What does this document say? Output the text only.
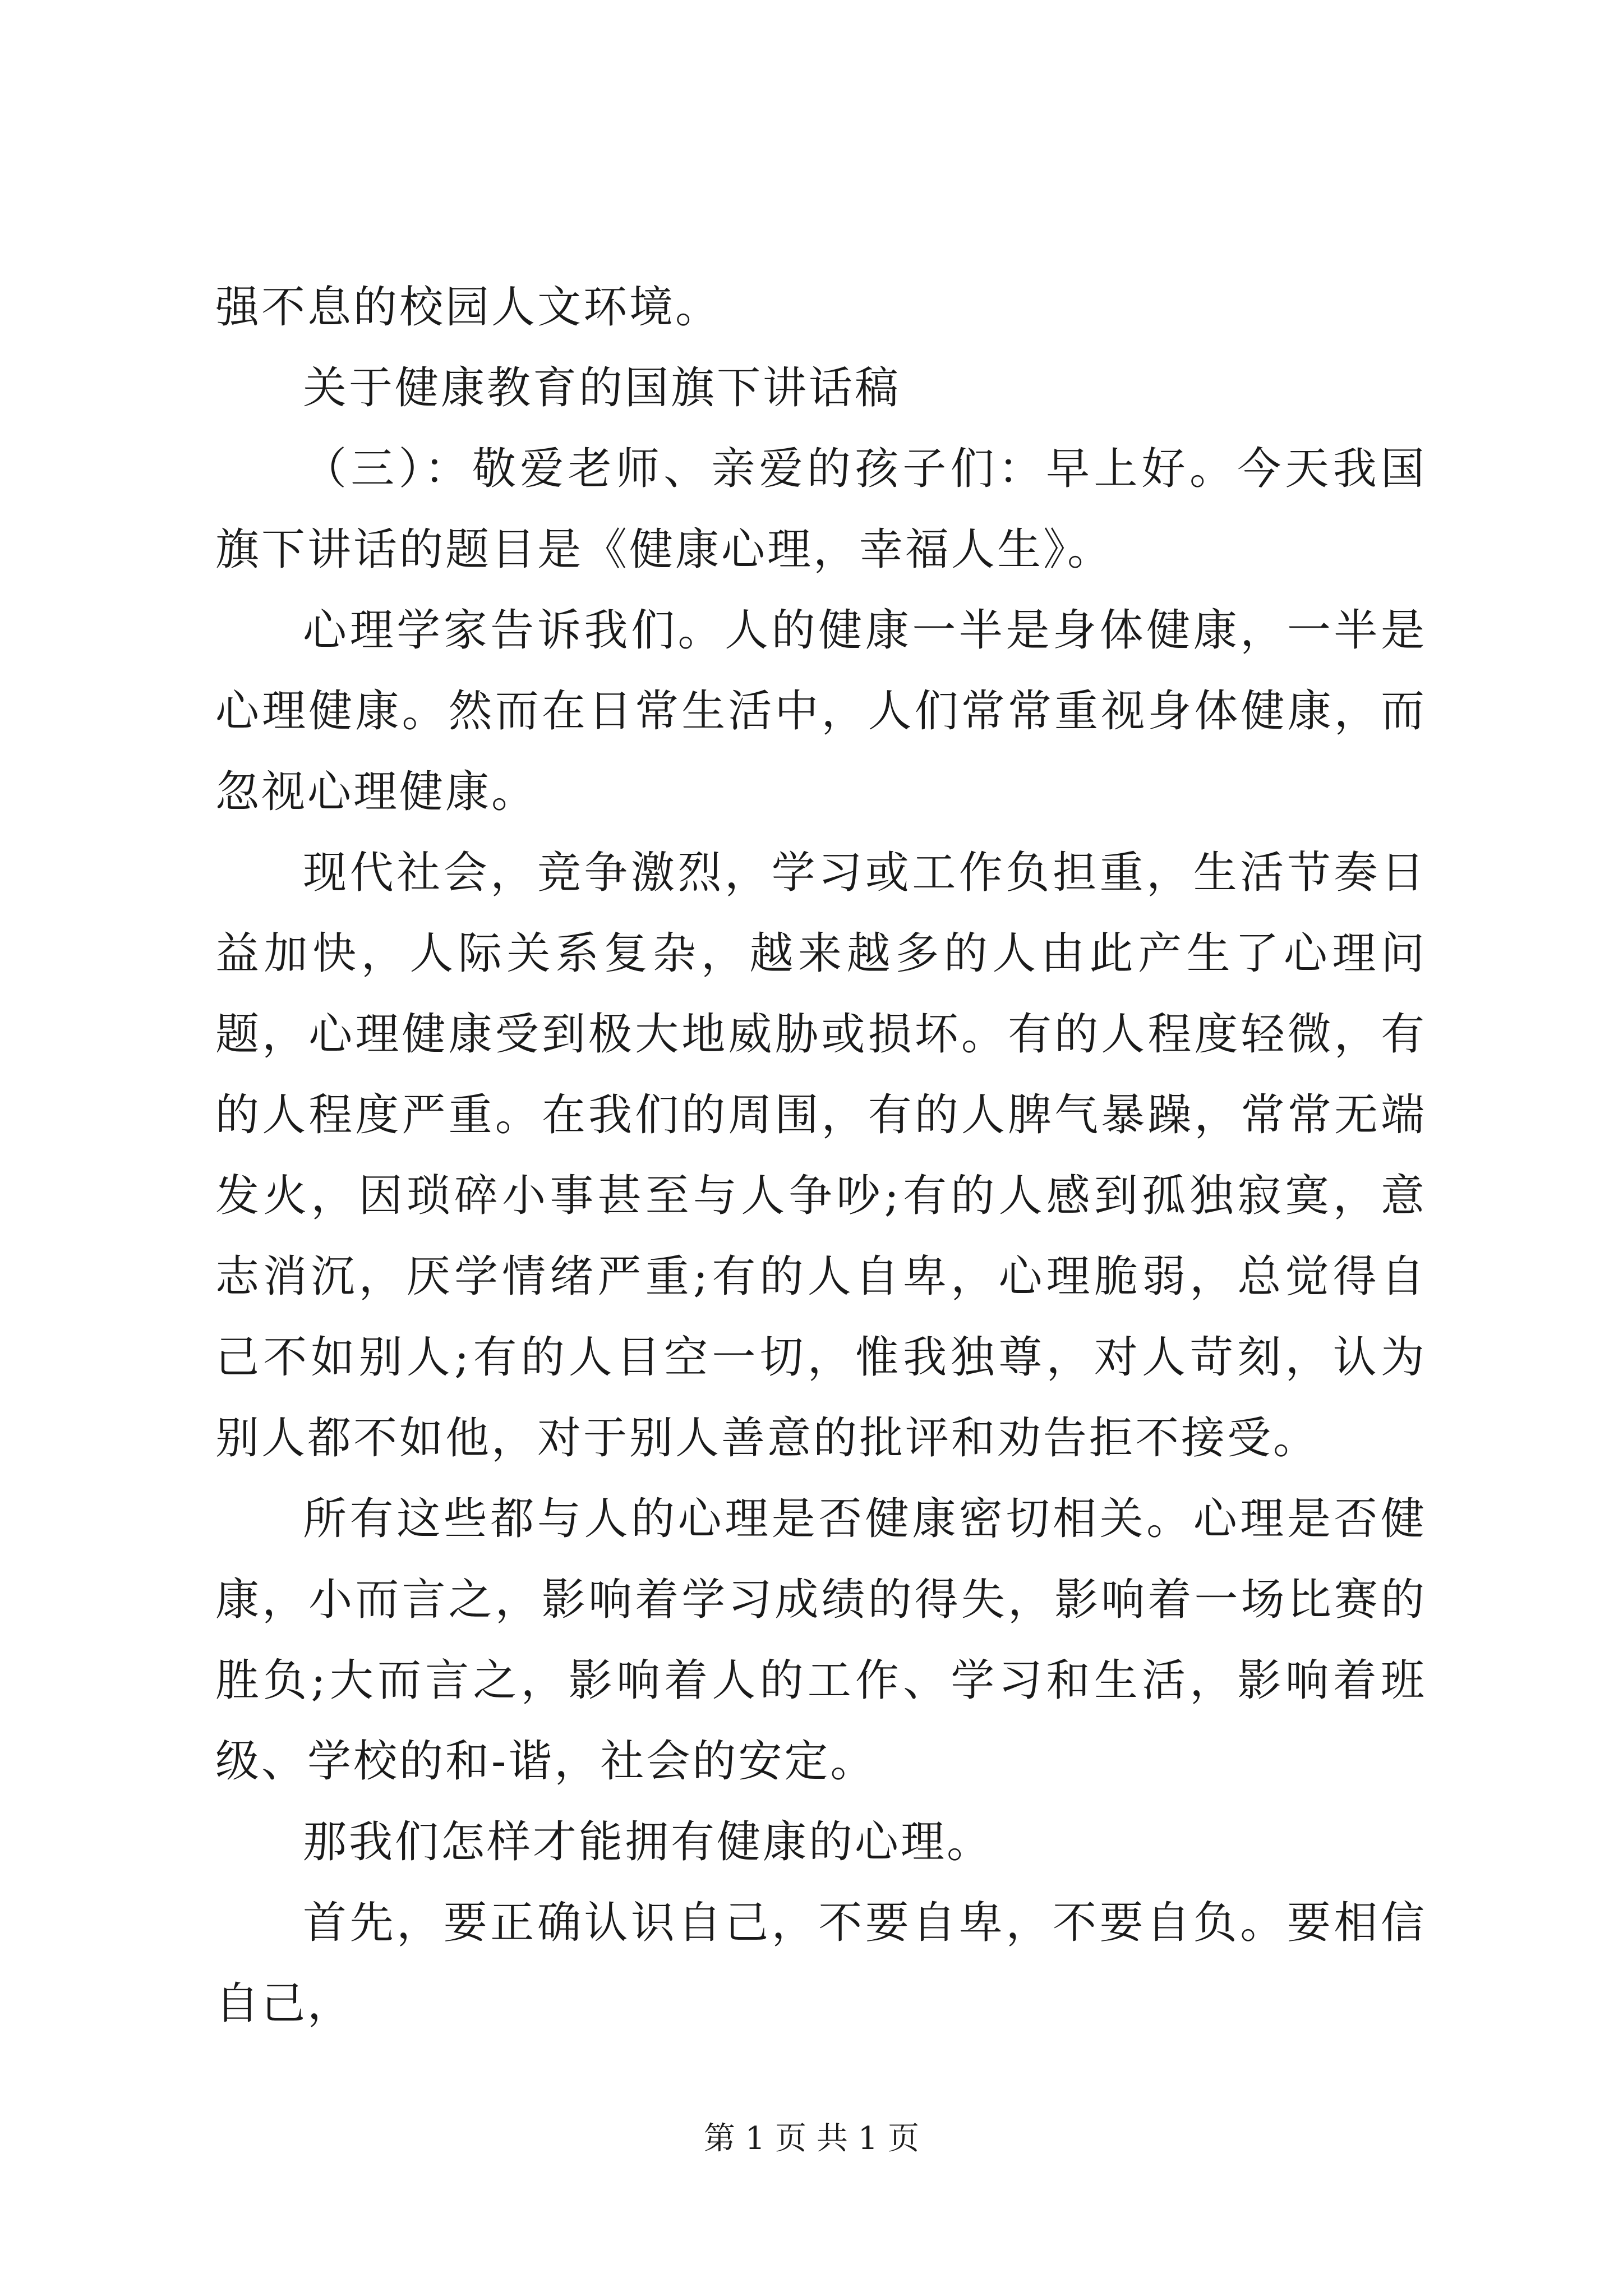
强不息的校园人文环境。

关于健康教育的国旗下讲话稿

（三）：敬爱老师、亲爱的孩子们：早上好。今天我国旗下讲话的题目是《健康心理，幸福人生》。

心理学家告诉我们。人的健康一半是身体健康，一半是心理健康。然而在日常生活中，人们常常重视身体健康，而忽视心理健康。

现代社会，竞争激烈，学习或工作负担重，生活节奏日益加快，人际关系复杂，越来越多的人由此产生了心理问题，心理健康受到极大地威胁或损坏。有的人程度轻微，有的人程度严重。在我们的周围，有的人脾气暴躁，常常无端发火，因琐碎小事甚至与人争吵;有的人感到孤独寂寞，意志消沉，厌学情绪严重;有的人自卑，心理脆弱，总觉得自己不如别人;有的人目空一切，惟我独尊，对人苛刻，认为别人都不如他，对于别人善意的批评和劝告拒不接受。

所有这些都与人的心理是否健康密切相关。心理是否健康，小而言之，影响着学习成绩的得失，影响着一场比赛的胜负;大而言之，影响着人的工作、学习和生活，影响着班级、学校的和-谐，社会的安定。

那我们怎样才能拥有健康的心理。

首先，要正确认识自己，不要自卑，不要自负。要相信自己，

第 1 页 共 1 页
